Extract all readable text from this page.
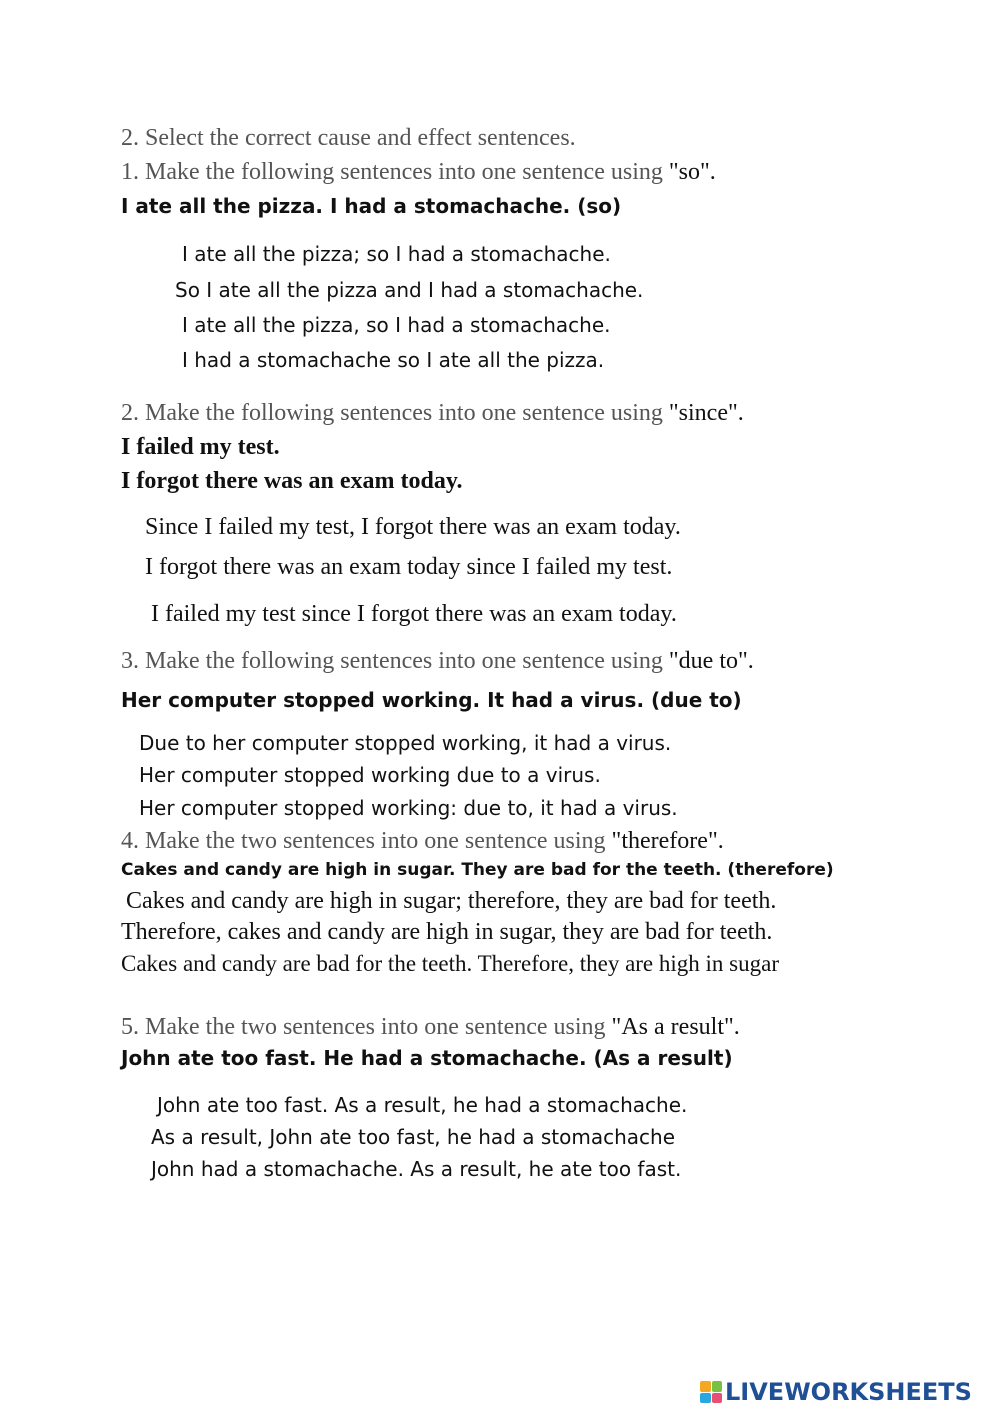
2. Select the correct cause and effect sentences.
1. Make the following sentences into one sentence using "so".
I ate all the pizza. I had a stomachache. (so)
I ate all the pizza; so I had a stomachache.
So I ate all the pizza and I had a stomachache.
I ate all the pizza, so I had a stomachache.
I had a stomachache so I ate all the pizza.
2. Make the following sentences into one sentence using "since".
I failed my test.
I forgot there was an exam today.
Since I failed my test, I forgot there was an exam today.
I forgot there was an exam today since I failed my test.
I failed my test since I forgot there was an exam today.
3. Make the following sentences into one sentence using "due to".
Her computer stopped working. It had a virus. (due to)
Due to her computer stopped working, it had a virus.
Her computer stopped working due to a virus.
Her computer stopped working: due to, it had a virus.
4. Make the two sentences into one sentence using "therefore".
Cakes and candy are high in sugar. They are bad for the teeth. (therefore)
Cakes and candy are high in sugar; therefore, they are bad for teeth.
Therefore, cakes and candy are high in sugar, they are bad for teeth.
Cakes and candy are bad for the teeth. Therefore, they are high in sugar
5. Make the two sentences into one sentence using "As a result".
John ate too fast. He had a stomachache. (As a result)
John ate too fast. As a result, he had a stomachache.
As a result, John ate too fast, he had a stomachache
John had a stomachache. As a result, he ate too fast.
LIVEWORKSHEETS
